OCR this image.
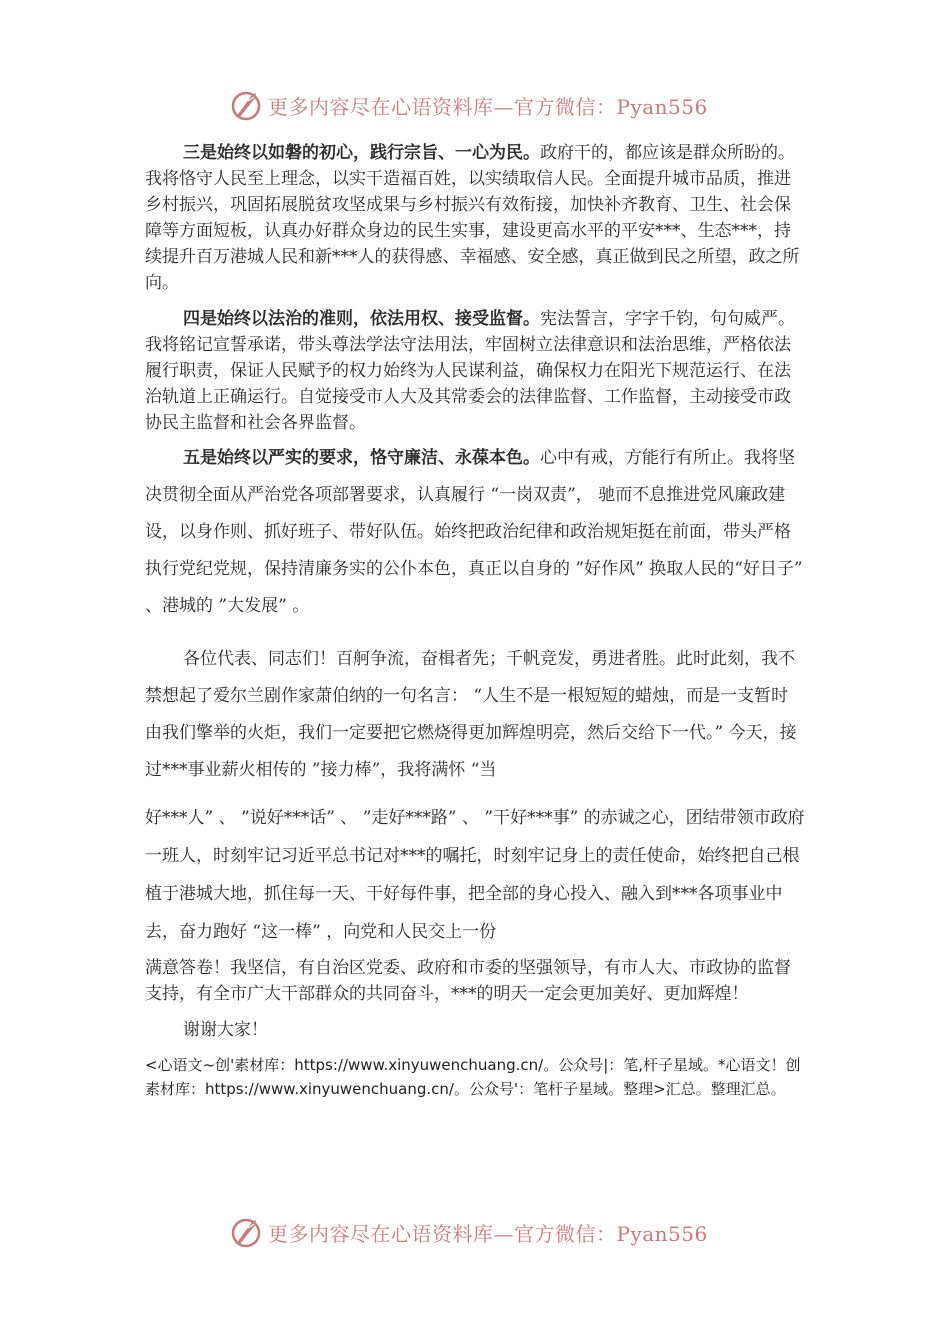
更多内容尽在心语资料库—官方微信：Pyan556

三是始终以如磐的初心，践行宗旨、一心为民。政府干的，都应该是群众所盼的。我将恪守人民至上理念，以实干造福百姓，以实绩取信人民。全面提升城市品质，推进乡村振兴，巩固拓展脱贫攻坚成果与乡村振兴有效衔接，加快补齐教育、卫生、社会保障等方面短板，认真办好群众身边的民生实事，建设更高水平的平安***、生态***，持续提升百万港城人民和新***人的获得感、幸福感、安全感，真正做到民之所望，政之所向。

四是始终以法治的准则，依法用权、接受监督。宪法誓言，字字千钧，句句威严。我将铭记宣誓承诺，带头尊法学法守法用法，牢固树立法律意识和法治思维，严格依法履行职责，保证人民赋予的权力始终为人民谋利益，确保权力在阳光下规范运行、在法治轨道上正确运行。自觉接受市人大及其常委会的法律监督、工作监督，主动接受市政协民主监督和社会各界监督。

五是始终以严实的要求，恪守廉洁、永葆本色。心中有戒，方能行有所止。我将坚决贯彻全面从严治党各项部署要求，认真履行 “一岗双责”， 驰而不息推进党风廉政建设，以身作则、抓好班子、带好队伍。始终把政治纪律和政治规矩挺在前面，带头严格执行党纪党规，保持清廉务实的公仆本色，真正以自身的 ”好作风” 换取人民的“好日子” 、港城的 ”大发展” 。

各位代表、同志们！百舸争流，奋楫者先；千帆竞发，勇进者胜。此时此刻，我不禁想起了爱尔兰剧作家萧伯纳的一句名言： “人生不是一根短短的蜡烛，而是一支暂时由我们擎举的火炬，我们一定要把它燃烧得更加辉煌明亮，然后交给下一代。” 今天，接过***事业薪火相传的 ”接力棒”，我将满怀 “当

好***人” 、 ”说好***话” 、 ”走好***路” 、 ”干好***事” 的赤诚之心，团结带领市政府一班人，时刻牢记习近平总书记对***的嘱托，时刻牢记身上的责任使命，始终把自己根植于港城大地，抓住每一天、干好每件事，把全部的身心投入、融入到***各项事业中去，奋力跑好 “这一棒” ，向党和人民交上一份

满意答卷！我坚信，有自治区党委、政府和市委的坚强领导，有市人大、市政协的监督支持，有全市广大干部群众的共同奋斗，***的明天一定会更加美好、更加辉煌！

谢谢大家！

<心语文~创'素材库：https://www.xinyuwenchuang.cn/。公众号|：笔,杆子星域。*心语文！创素材库：https://www.xinyuwenchuang.cn/。公众号'：笔杆子星域。整理>汇总。整理汇总。

更多内容尽在心语资料库—官方微信：Pyan556
